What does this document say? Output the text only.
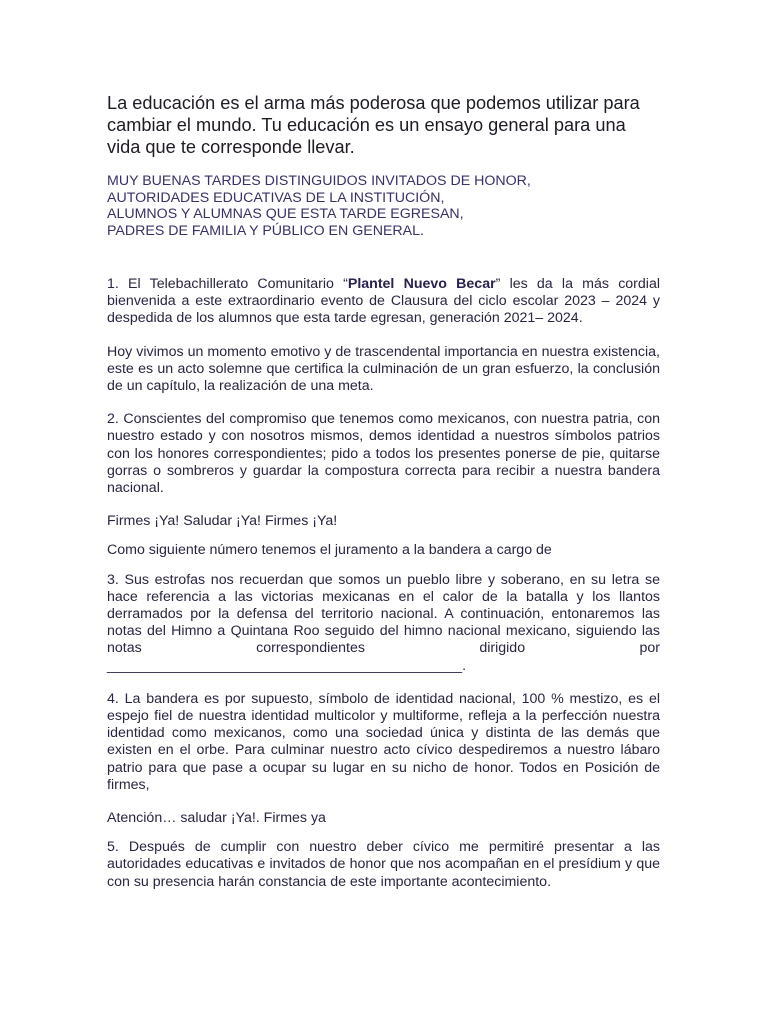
La educación es el arma más poderosa que podemos utilizar para cambiar el mundo. Tu educación es un ensayo general para una vida que te corresponde llevar.

MUY BUENAS TARDES DISTINGUIDOS INVITADOS DE HONOR,
AUTORIDADES EDUCATIVAS DE LA INSTITUCIÓN,
ALUMNOS Y ALUMNAS QUE ESTA TARDE EGRESAN,
PADRES DE FAMILIA Y PÚBLICO EN GENERAL.

1. El Telebachillerato Comunitario “Plantel Nuevo Becar” les da la más cordial bienvenida a este extraordinario evento de Clausura del ciclo escolar 2023 – 2024 y despedida de los alumnos que esta tarde egresan, generación 2021– 2024.

Hoy vivimos un momento emotivo y de trascendental importancia en nuestra existencia, este es un acto solemne que certifica la culminación de un gran esfuerzo, la conclusión de un capítulo, la realización de una meta.

2. Conscientes del compromiso que tenemos como mexicanos, con nuestra patria, con nuestro estado y con nosotros mismos, demos identidad a nuestros símbolos patrios con los honores correspondientes; pido a todos los presentes ponerse de pie, quitarse gorras o sombreros y guardar la compostura correcta para recibir a nuestra bandera nacional.

Firmes ¡Ya! Saludar ¡Ya! Firmes ¡Ya!

Como siguiente número tenemos el juramento a la bandera a cargo de

3. Sus estrofas nos recuerdan que somos un pueblo libre y soberano, en su letra se hace referencia a las victorias mexicanas en el calor de la batalla y los llantos derramados por la defensa del territorio nacional. A continuación, entonaremos las notas del Himno a Quintana Roo seguido del himno nacional mexicano, siguiendo las notas correspondientes dirigido por _____________________________________________.

4. La bandera es por supuesto, símbolo de identidad nacional, 100 % mestizo, es el espejo fiel de nuestra identidad multicolor y multiforme, refleja a la perfección nuestra identidad como mexicanos, como una sociedad única y distinta de las demás que existen en el orbe. Para culminar nuestro acto cívico despediremos a nuestro lábaro patrio para que pase a ocupar su lugar en su nicho de honor. Todos en Posición de firmes,

Atención… saludar ¡Ya!. Firmes ya

5. Después de cumplir con nuestro deber cívico me permitiré presentar a las autoridades educativas e invitados de honor que nos acompañan en el presídium y que con su presencia harán constancia de este importante acontecimiento.
